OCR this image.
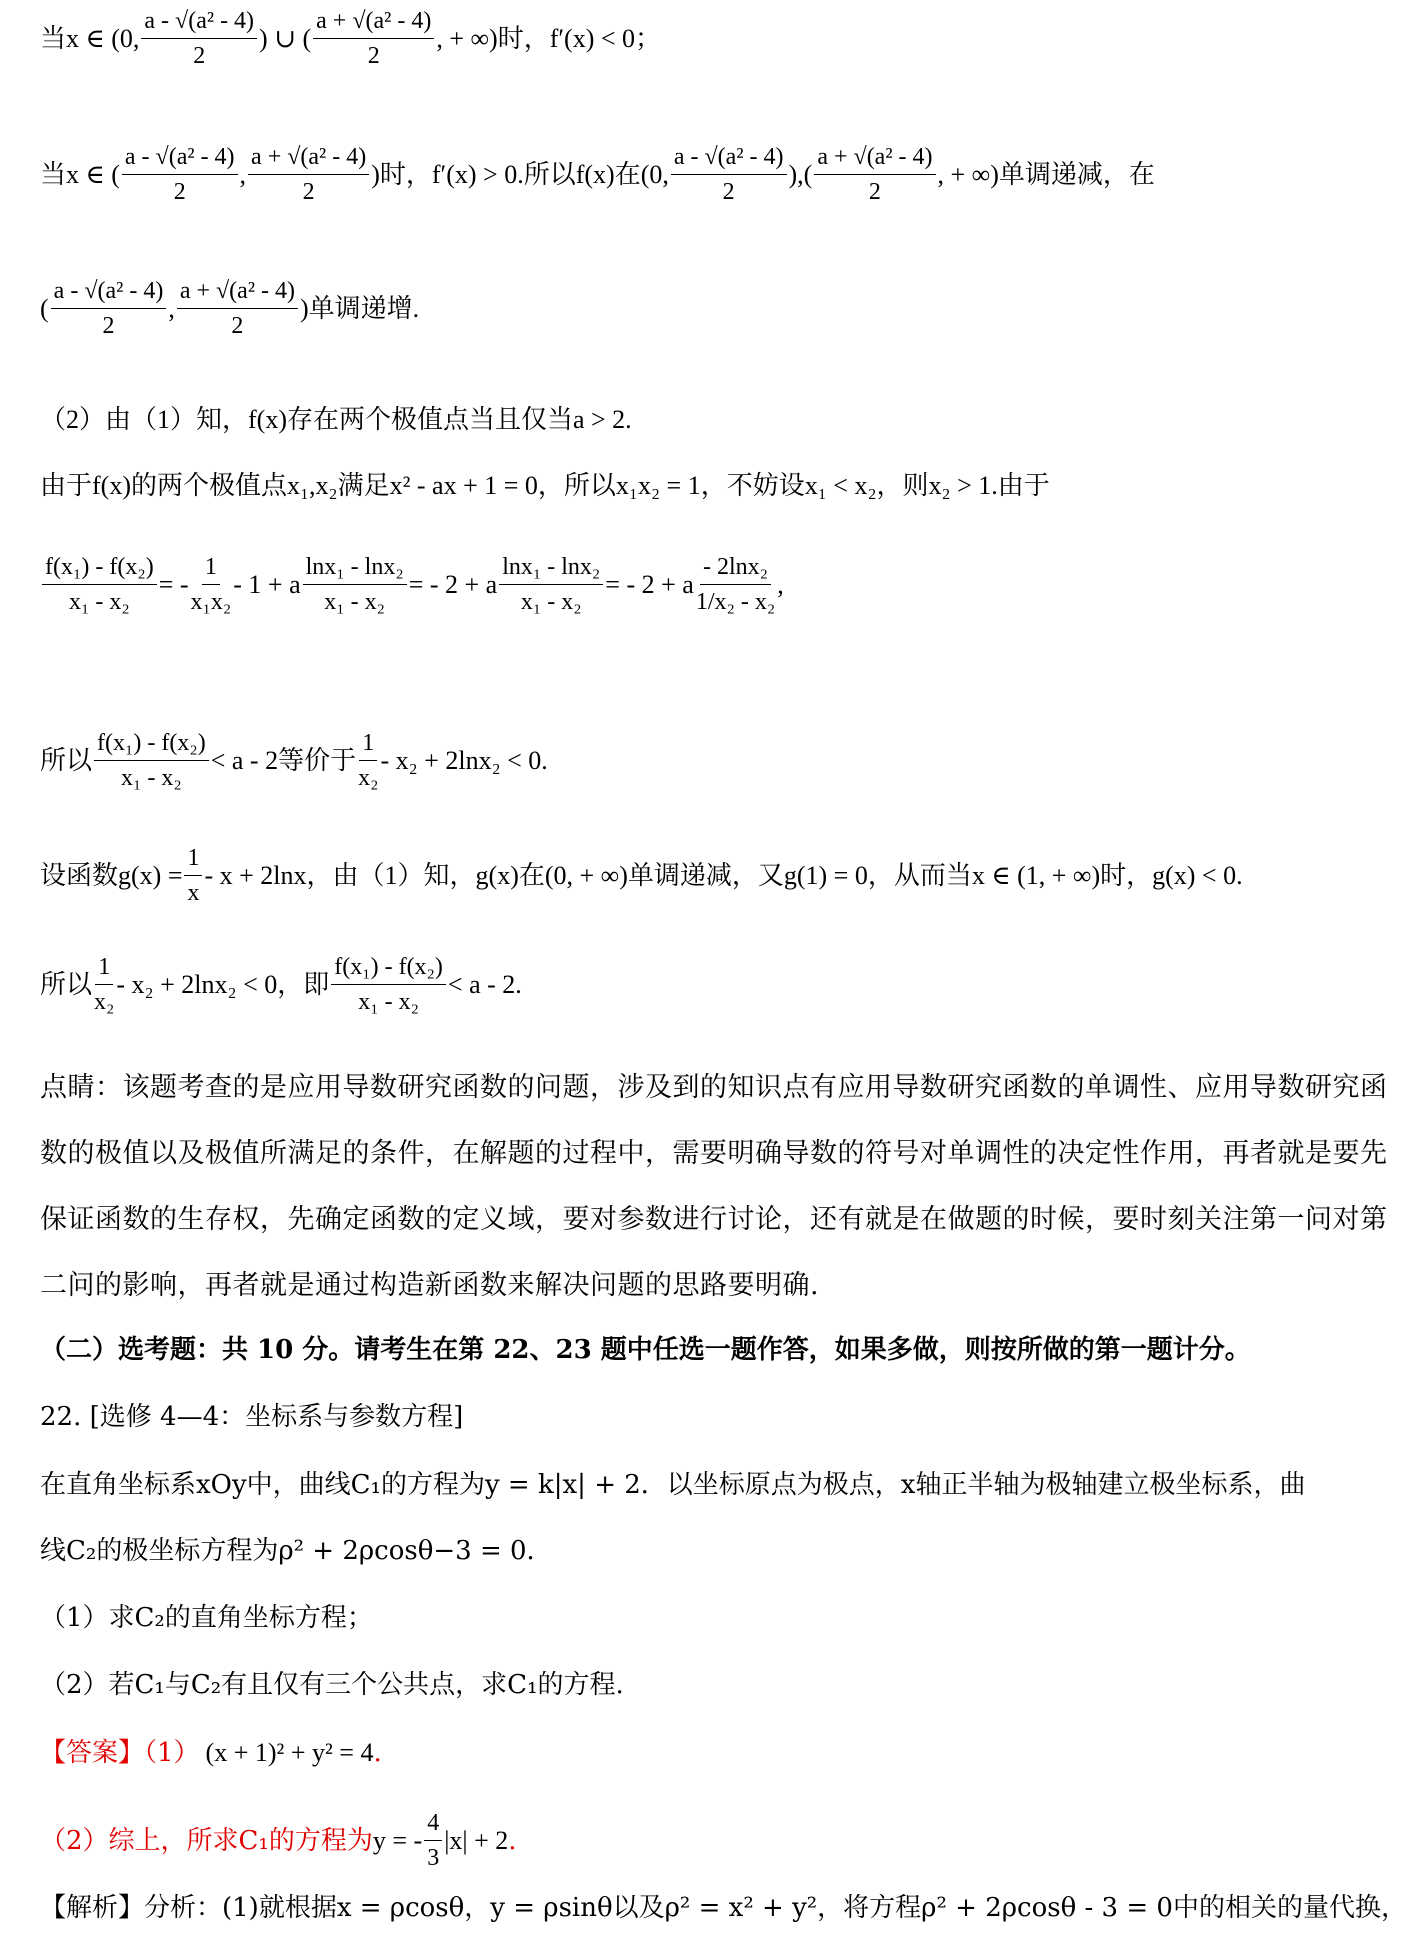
当x ∈ (0, $\frac{\text{a - √(a² - 4)}}{2}$ ) ∪ ( $\frac{\text{a + √(a² - 4)}}{2}$ , + ∞)时，f′(x) < 0；
当x ∈ ( $\frac{\text{a - √(a² - 4)}}{2}$ , $\frac{\text{a + √(a² - 4)}}{2}$ )时，f′(x) > 0.所以f(x)在(0, $\frac{\text{a - √(a² - 4)}}{2}$ ),( $\frac{\text{a + √(a² - 4)}}{2}$ , + ∞)单调递减，在
( $\frac{\text{a - √(a² - 4)}}{2}$ , $\frac{\text{a + √(a² - 4)}}{2}$ )单调递增.
（2）由（1）知，f(x)存在两个极值点当且仅当a > 2.
由于f(x)的两个极值点x₁,x₂满足x² - ax + 1 = 0，所以x₁x₂ = 1，不妨设x₁ < x₂，则x₂ > 1.由于
$\frac{\text{f(x₁) - f(x₂)}}{\text{x₁ - x₂}}$ = - $\frac{1}{\text{x₁x₂}} - 1 + a \frac{\text{lnx₁ - lnx₂}}{\text{x₁ - x₂}}$ = - 2 + a $\frac{\text{lnx₁ - lnx₂}}{\text{x₁ - x₂}}$ = - 2 + a $\frac{\text{- 2lnx₂}}{\text{1/x₂ - x₂}}$ ,
所以 $\frac{\text{f(x₁) - f(x₂)}}{\text{x₁ - x₂}} < a - 2$等价于 $\frac{1}{\text{x₂}} - x_2 + 2\ln x_2 < 0$.
设函数$g(x) = \frac{1}{x} - x + 2\ln x$，由（1）知，g(x)在(0, + ∞)单调递减，又g(1) = 0，从而当x ∈ (1, + ∞)时，g(x) < 0.
所以 $\frac{1}{\text{x₂}} - x_2 + 2\ln x_2 < 0$，即 $\frac{\text{f(x₁) - f(x₂)}}{\text{x₁ - x₂}} < a - 2$.
点睛：该题考查的是应用导数研究函数的问题，涉及到的知识点有应用导数研究函数的单调性、应用导数研究函数的极值以及极值所满足的条件，在解题的过程中，需要明确导数的符号对单调性的决定性作用，再者就是要先保证函数的生存权，先确定函数的定义域，要对参数进行讨论，还有就是在做题的时候，要时刻关注第一问对第二问的影响，再者就是通过构造新函数来解决问题的思路要明确.
（二）选考题：共 10 分。请考生在第 22、23 题中任选一题作答，如果多做，则按所做的第一题计分。
22. [选修 4—4：坐标系与参数方程]
在直角坐标系xOy中，曲线C₁的方程为y = k|x| + 2．以坐标原点为极点，x轴正半轴为极轴建立极坐标系，曲
线C₂的极坐标方程为ρ² + 2ρcosθ−3 = 0．
（1）求C₂的直角坐标方程；
（2）若C₁与C₂有且仅有三个公共点，求C₁的方程.
【答案】（1） (x + 1)² + y² = 4 .
（2）综上，所求C₁的方程为 y = - $\frac{4}{3} |x| + 2$ .
【解析】分析：(1)就根据x = ρcosθ，y = ρsinθ以及ρ² = x² + y²，将方程ρ² + 2ρcosθ - 3 = 0中的相关的量代换，
